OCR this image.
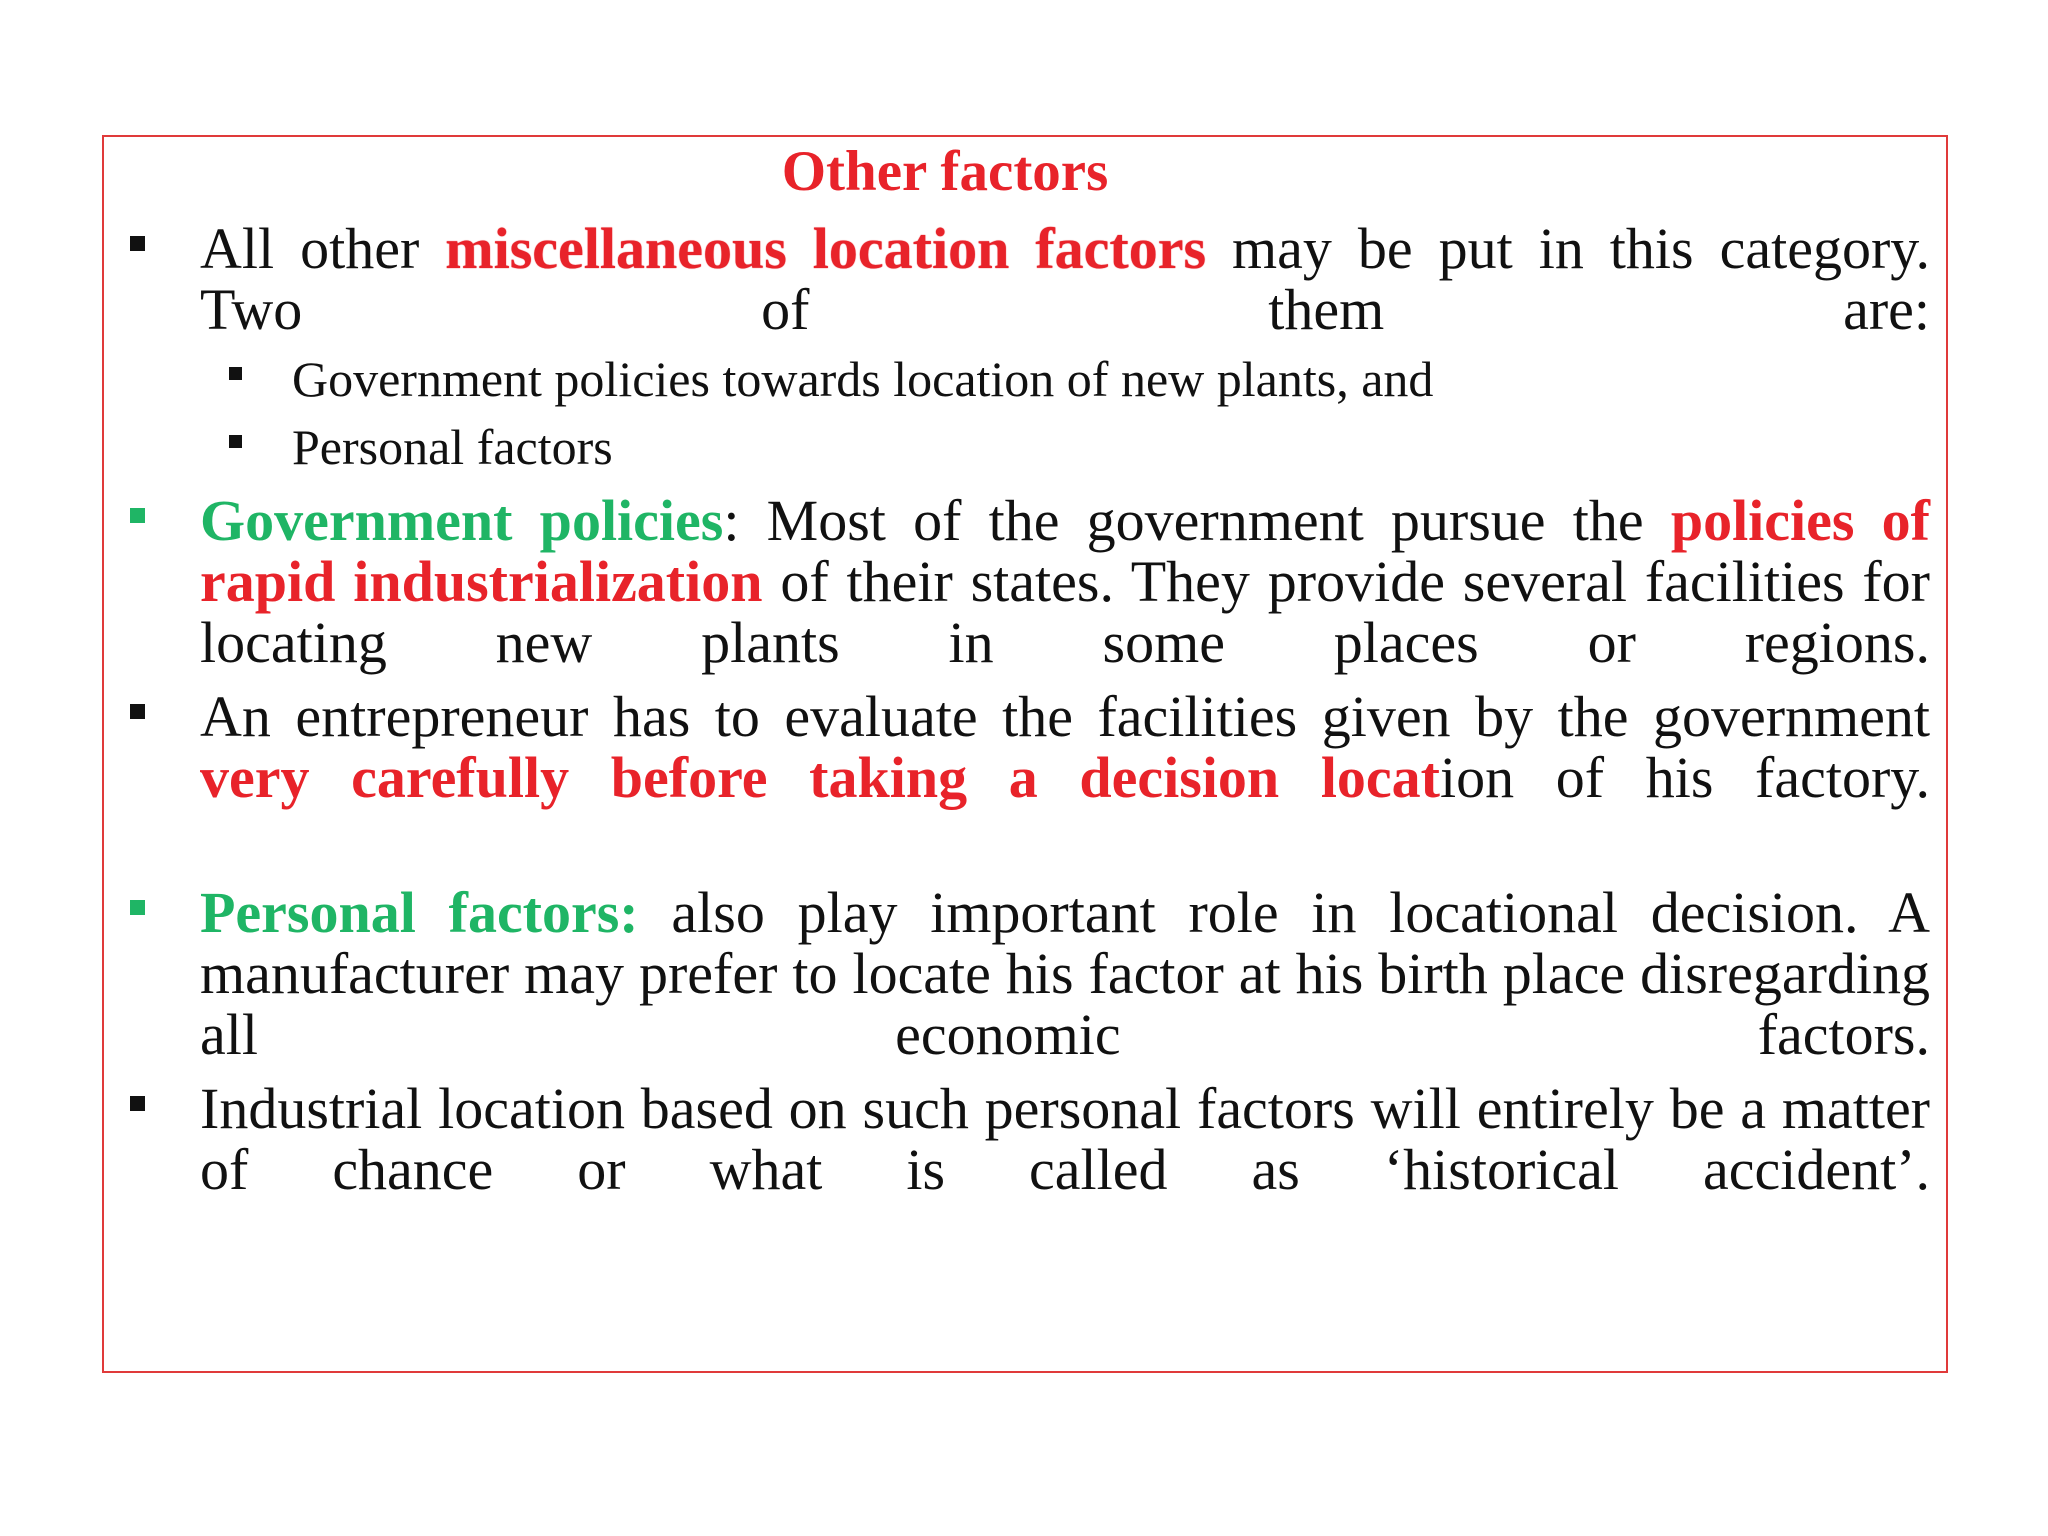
Other factors
All other miscellaneous location factors may be put in this category. Two of them are:
Government policies towards location of new plants, and
Personal factors
Government policies: Most of the government pursue the policies of rapid industrialization of their states. They provide several facilities for locating new plants in some places or regions.
An entrepreneur has to evaluate the facilities given by the government very carefully before taking a decision location of his factory.
Personal factors: also play important role in locational decision. A manufacturer may prefer to locate his factor at his birth place disregarding all economic factors.
Industrial location based on such personal factors will entirely be a matter of chance or what is called as ‘historical accident’.
